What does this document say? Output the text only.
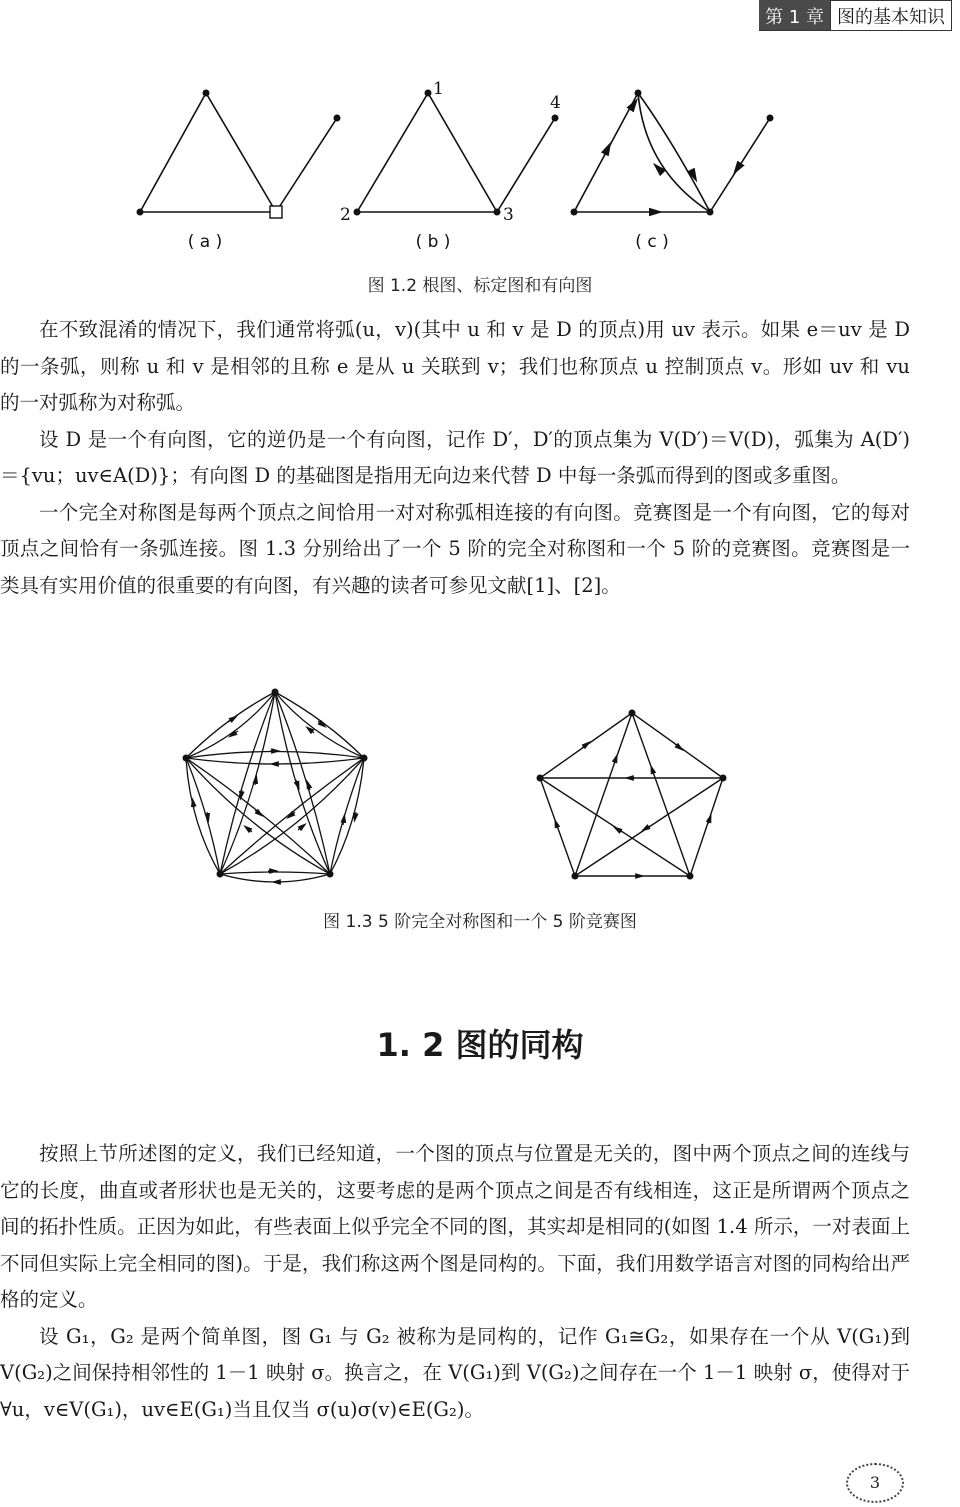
第 1 章 图的基本知识
1
2	3
4
( a )	( b )	( c )
图 1.2 根图、标定图和有向图

在不致混淆的情况下，我们通常将弧(u，v)(其中 u 和 v 是 D 的顶点)用 uv 表示。如果 e＝uv 是 D 的一条弧，则称 u 和 v 是相邻的且称 e 是从 u 关联到 v；我们也称顶点 u 控制顶点 v。形如 uv 和 vu 的一对弧称为对称弧。

设 D 是一个有向图，它的逆仍是一个有向图，记作 D′，D′的顶点集为 V(D′)＝V(D)，弧集为 A(D′)＝{vu；uv∈A(D)}；有向图 D 的基础图是指用无向边来代替 D 中每一条弧而得到的图或多重图。

一个完全对称图是每两个顶点之间恰用一对对称弧相连接的有向图。竞赛图是一个有向图，它的每对顶点之间恰有一条弧连接。图 1.3 分别给出了一个 5 阶的完全对称图和一个 5 阶的竞赛图。竞赛图是一类具有实用价值的很重要的有向图，有兴趣的读者可参见文献[1]、[2]。

图 1.3 5 阶完全对称图和一个 5 阶竞赛图
1. 2 图的同构

按照上节所述图的定义，我们已经知道，一个图的顶点与位置是无关的，图中两个顶点之间的连线与它的长度，曲直或者形状也是无关的，这要考虑的是两个顶点之间是否有线相连，这正是所谓两个顶点之间的拓扑性质。正因为如此，有些表面上似乎完全不同的图，其实却是相同的(如图 1.4 所示，一对表面上不同但实际上完全相同的图)。于是，我们称这两个图是同构的。下面，我们用数学语言对图的同构给出严格的定义。

设 G₁，G₂ 是两个简单图，图 G₁ 与 G₂ 被称为是同构的，记作 G₁≅G₂，如果存在一个从 V(G₁)到 V(G₂)之间保持相邻性的 1－1 映射 σ。换言之，在 V(G₁)到 V(G₂)之间存在一个 1－1 映射 σ，使得对于∀u，v∈V(G₁)，uv∈E(G₁)当且仅当 σ(u)σ(v)∈E(G₂)。

3
